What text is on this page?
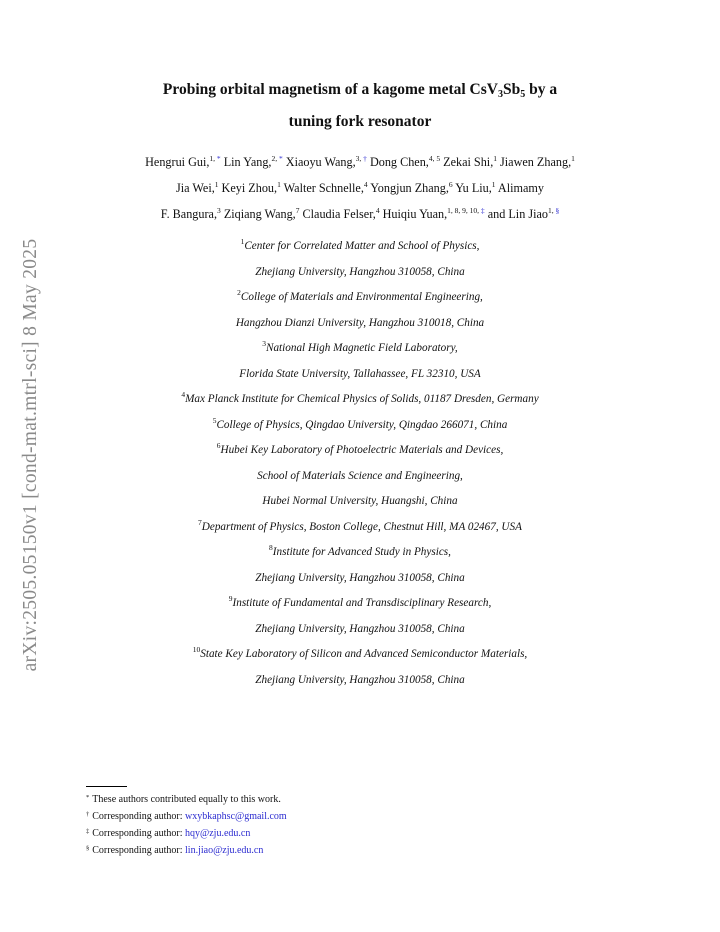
arXiv:2505.05150v1 [cond-mat.mtrl-sci] 8 May 2025
Probing orbital magnetism of a kagome metal $CsV_3Sb_5$ by a
tuning fork resonator
Hengrui Gui,$^{1,}$ * Lin Yang,$^{2,}$ * Xiaoyu Wang,$^{3,}$ † Dong Chen,$^{4, 5}$ Zekai Shi,$^1$ Jiawen Zhang,$^1$
Jia Wei,$^1$ Keyi Zhou,$^1$ Walter Schnelle,$^4$ Yongjun Zhang,$^6$ Yu Liu,$^1$ Alimamy
F. Bangura,$^3$ Ziqiang Wang,$^7$ Claudia Felser,$^4$ Huiqiu Yuan,$^{1, 8, 9, 10,}$ ‡ and Lin Jiao$^{1,}$ §
$^1$Center for Correlated Matter and School of Physics,
Zhejiang University, Hangzhou 310058, China
$^2$College of Materials and Environmental Engineering,
Hangzhou Dianzi University, Hangzhou 310018, China
$^3$National High Magnetic Field Laboratory,
Florida State University, Tallahassee, FL 32310, USA
$^4$Max Planck Institute for Chemical Physics of Solids, 01187 Dresden, Germany
$^5$College of Physics, Qingdao University, Qingdao 266071, China
$^6$Hubei Key Laboratory of Photoelectric Materials and Devices,
School of Materials Science and Engineering,
Hubei Normal University, Huangshi, China
$^7$Department of Physics, Boston College, Chestnut Hill, MA 02467, USA
$^8$Institute for Advanced Study in Physics,
Zhejiang University, Hangzhou 310058, China
$^9$Institute of Fundamental and Transdisciplinary Research,
Zhejiang University, Hangzhou 310058, China
$^{10}$State Key Laboratory of Silicon and Advanced Semiconductor Materials,
Zhejiang University, Hangzhou 310058, China
* These authors contributed equally to this work.
† Corresponding author: wxybkaphsc@gmail.com
‡ Corresponding author: hqy@zju.edu.cn
§ Corresponding author: lin.jiao@zju.edu.cn
